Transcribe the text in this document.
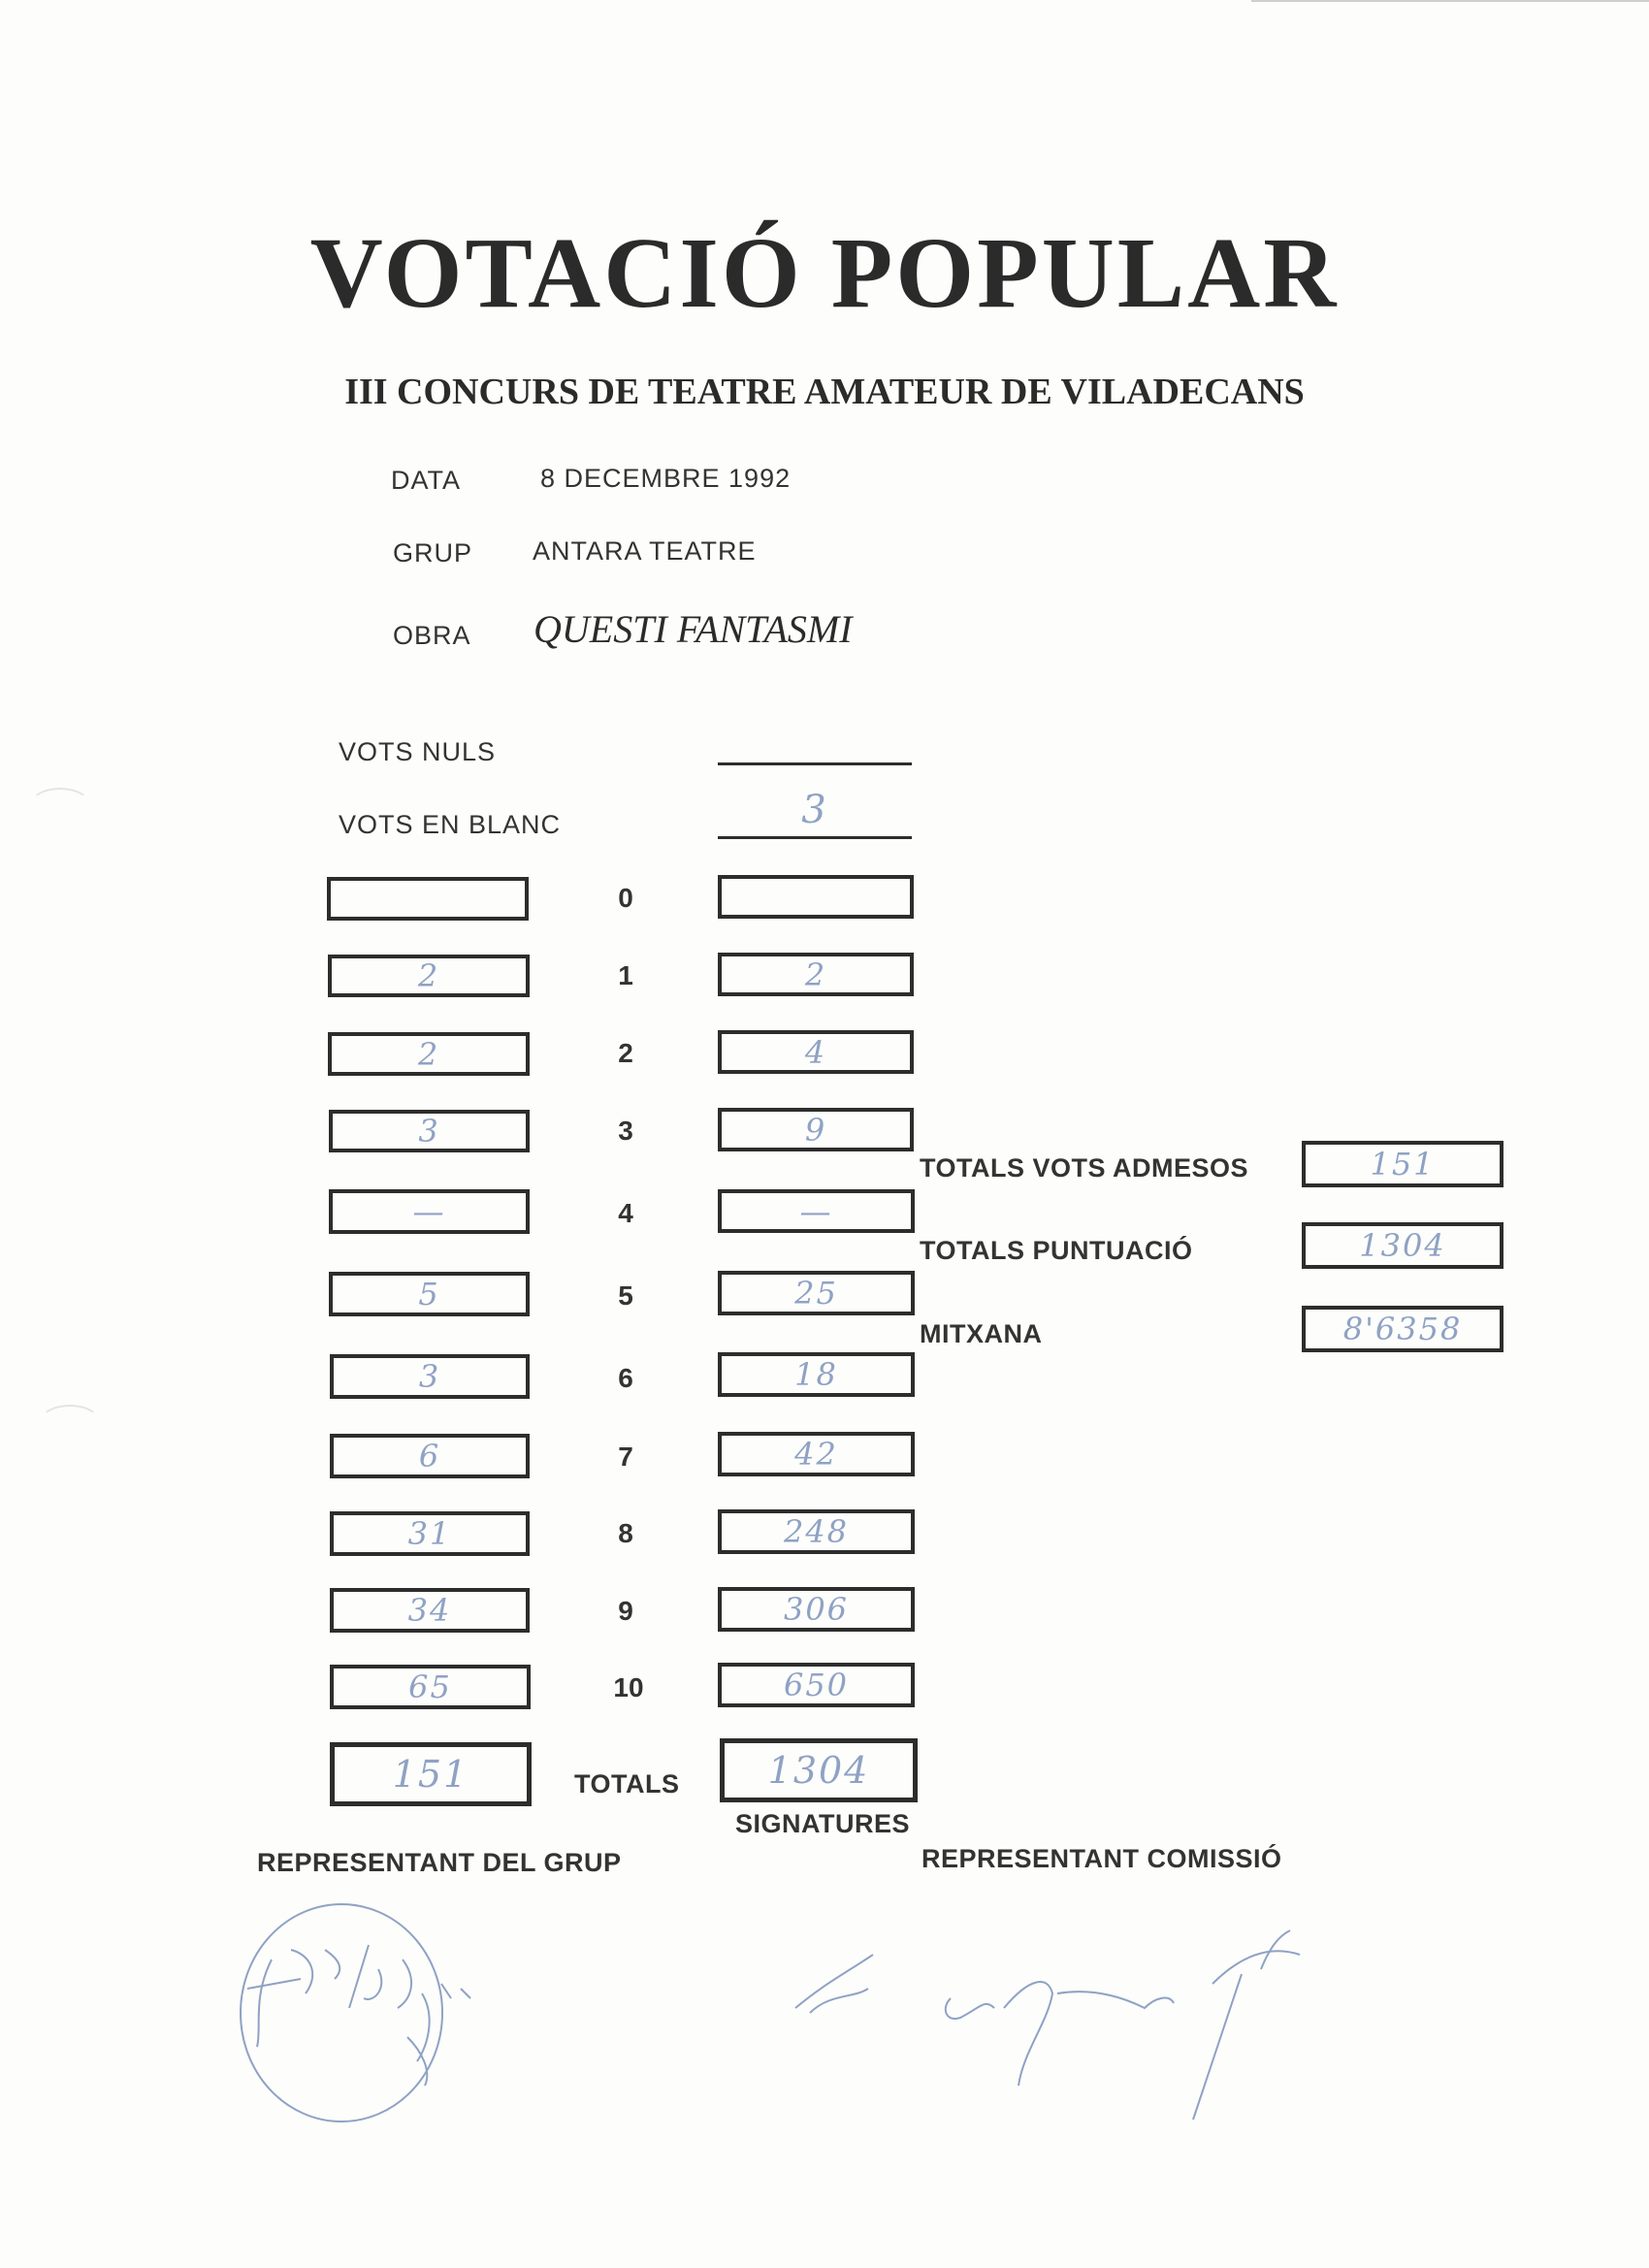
VOTACIÓ POPULAR
III CONCURS DE TEATRE AMATEUR DE VILADECANS
DATA	8 DECEMBRE 1992
GRUP ANTARA TEATRE
OBRA QUESTI FANTASMI
VOTS NULS
VOTS EN BLANC	3
0
2	1	2
2	2	4
3	3	9
—	4	—
5	5	25
3	6	18
6	7	42
31	8	248
34	9	306
65	10	650
151	TOTALS 1304
TOTALS VOTS ADMESOS	151
TOTALS PUNTUACIÓ	1304
MITXANA	8'6358
SIGNATURES
REPRESENTANT DEL GRUP	REPRESENTANT COMISSIÓ
